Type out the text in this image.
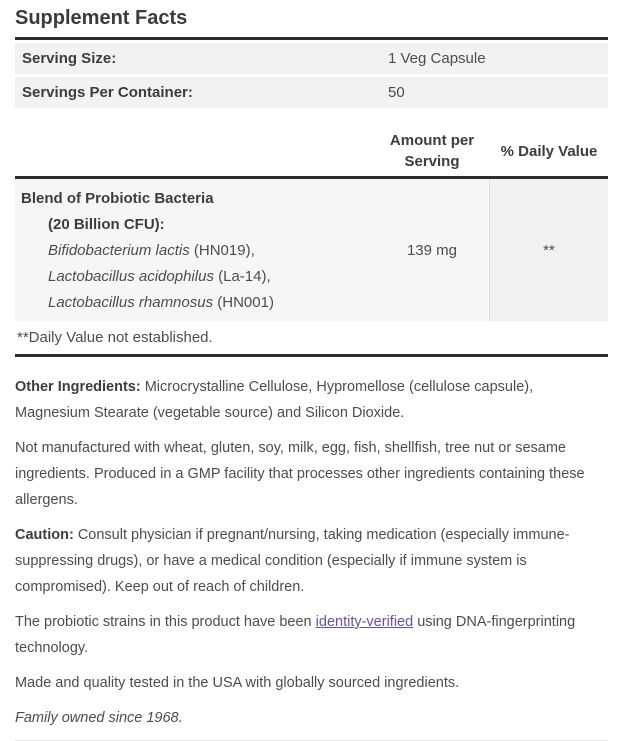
Supplement Facts
Serving Size:	1 Veg Capsule
Servings Per Container:	50
Amount per Serving
% Daily Value
Blend of Probiotic Bacteria
(20 Billion CFU):
Bifidobacterium lactis (HN019),
Lactobacillus acidophilus (La-14),
Lactobacillus rhamnosus (HN001)
139 mg	**
**Daily Value not established.

Other Ingredients: Microcrystalline Cellulose, Hypromellose (cellulose capsule), Magnesium Stearate (vegetable source) and Silicon Dioxide.

Not manufactured with wheat, gluten, soy, milk, egg, fish, shellfish, tree nut or sesame ingredients. Produced in a GMP facility that processes other ingredients containing these allergens.

Caution: Consult physician if pregnant/nursing, taking medication (especially immune-suppressing drugs), or have a medical condition (especially if immune system is compromised). Keep out of reach of children.

The probiotic strains in this product have been identity-verified using DNA-fingerprinting technology.

Made and quality tested in the USA with globally sourced ingredients.

Family owned since 1968.
